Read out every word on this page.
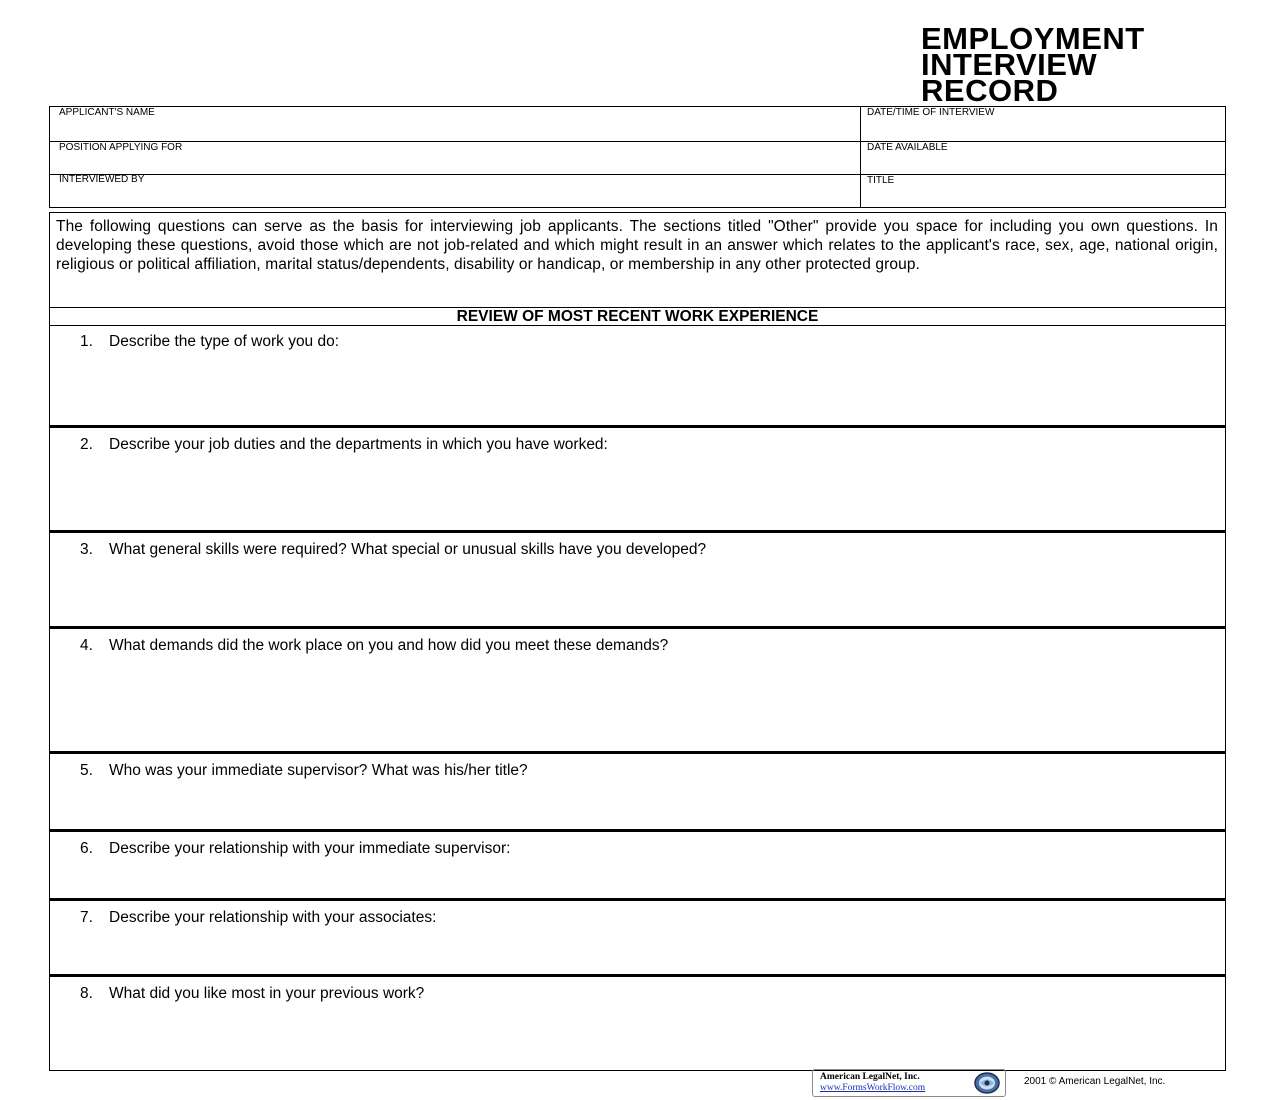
EMPLOYMENT
INTERVIEW
RECORD
APPLICANT'S NAME	DATE/TIME OF INTERVIEW
POSITION APPLYING FOR	DATE AVAILABLE
INTERVIEWED BY	TITLE
The following questions can serve as the basis for interviewing job applicants. The sections titled "Other" provide you space for including you own questions. In developing these questions, avoid those which are not job-related and which might result in an answer which relates to the applicant's race, sex, age, national origin, religious or political affiliation, marital status/dependents, disability or handicap, or membership in any other protected group.
REVIEW OF MOST RECENT WORK EXPERIENCE
1. Describe the type of work you do:
2. Describe your job duties and the departments in which you have worked:
3. What general skills were required? What special or unusual skills have you developed?
4. What demands did the work place on you and how did you meet these demands?
5. Who was your immediate supervisor? What was his/her title?
6. Describe your relationship with your immediate supervisor:
7. Describe your relationship with your associates:
8. What did you like most in your previous work?
American LegalNet, Inc.
www.FormsWorkFlow.com
2001 © American LegalNet, Inc.
